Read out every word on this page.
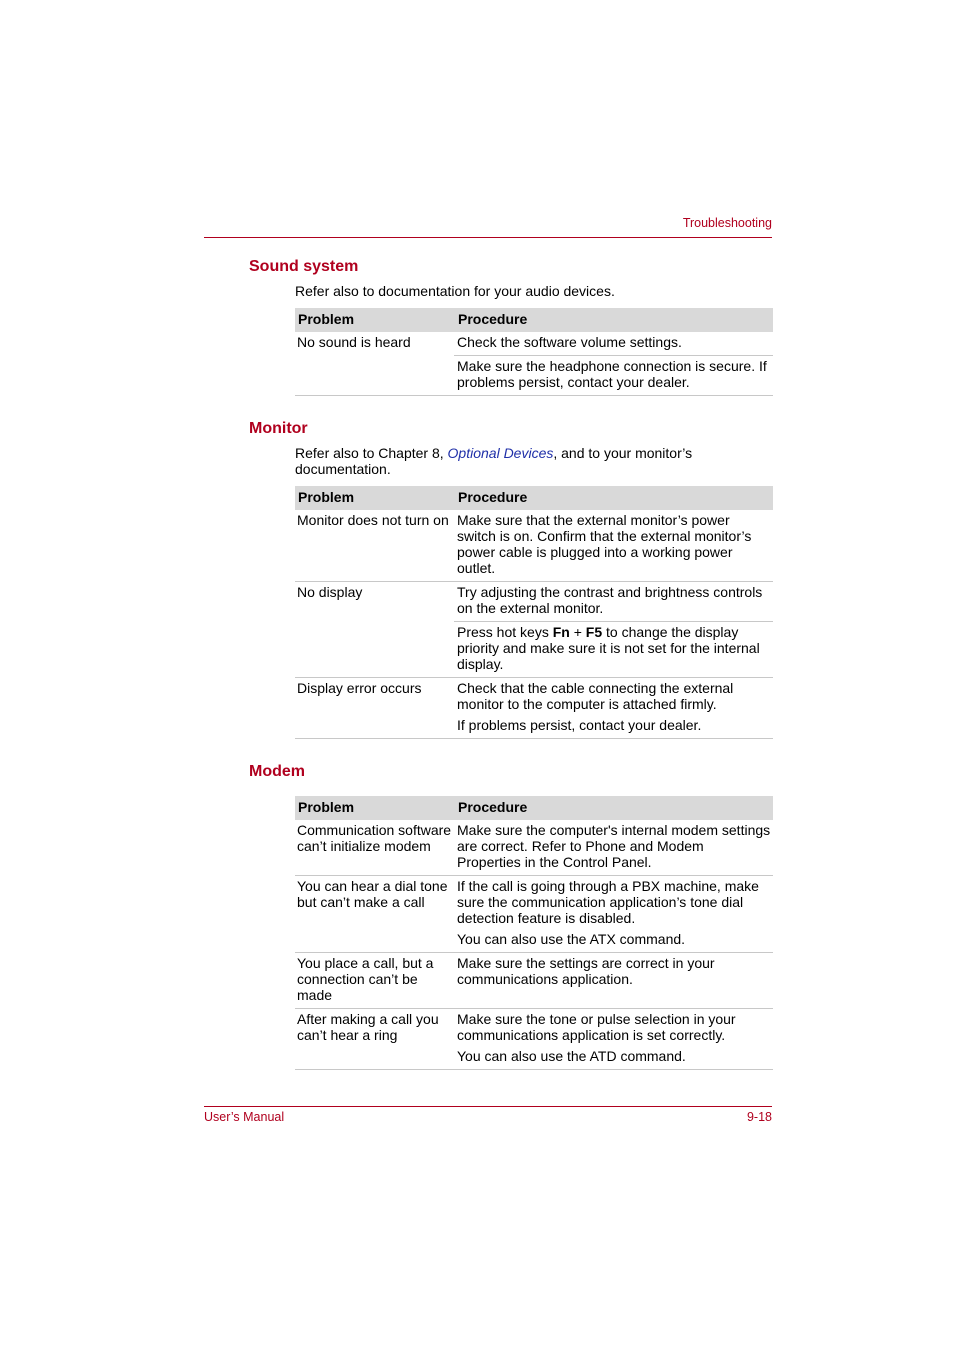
Troubleshooting
Sound system
Refer also to documentation for your audio devices.
Problem	Procedure
No sound is heard	Check the software volume settings.
	Make sure the headphone connection is secure. If problems persist, contact your dealer.
Monitor
Refer also to Chapter 8, Optional Devices, and to your monitor’s documentation.
Problem	Procedure
Monitor does not turn on	Make sure that the external monitor’s power switch is on. Confirm that the external monitor’s power cable is plugged into a working power outlet.
No display	Try adjusting the contrast and brightness controls on the external monitor.
	Press hot keys Fn + F5 to change the display priority and make sure it is not set for the internal display.
Display error occurs	Check that the cable connecting the external monitor to the computer is attached firmly.
If problems persist, contact your dealer.
Modem
Problem	Procedure
Communication software can’t initialize modem	Make sure the computer's internal modem settings are correct. Refer to Phone and Modem Properties in the Control Panel.
You can hear a dial tone but can’t make a call	If the call is going through a PBX machine, make sure the communication application’s tone dial detection feature is disabled.
You can also use the ATX command.
You place a call, but a connection can’t be made	Make sure the settings are correct in your communications application.
After making a call you can’t hear a ring	Make sure the tone or pulse selection in your communications application is set correctly.
You can also use the ATD command.
User’s Manual	9-18
